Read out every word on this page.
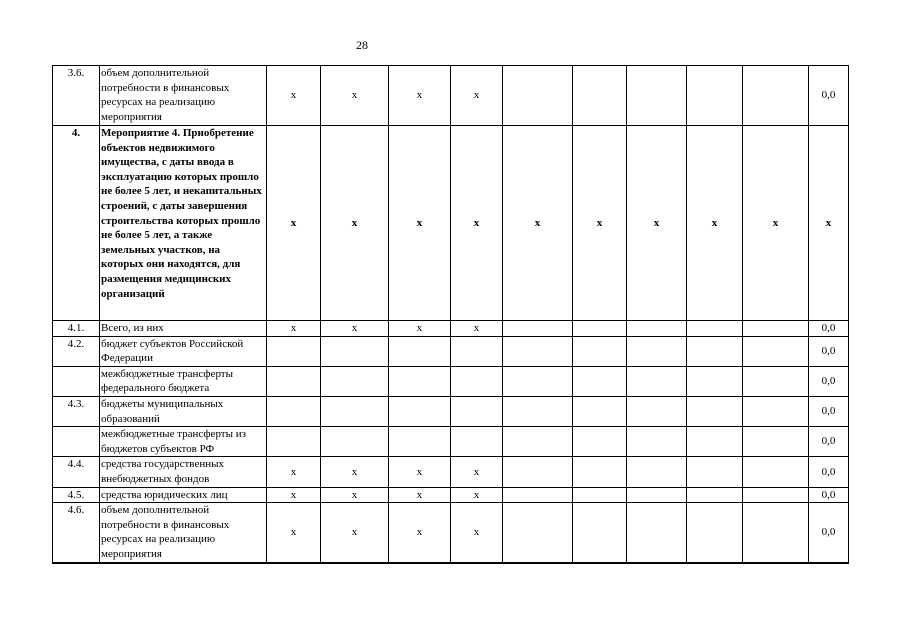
28
3.6.	объем дополнительной потребности в финансовых ресурсах на реализацию мероприятия	x	x	x	x						0,0
4.	Мероприятие 4. Приобретение объектов недвижимого имущества, с даты ввода в эксплуатацию которых прошло не более 5 лет, и некапитальных строений, с даты завершения строительства которых прошло не более 5 лет, а также земельных участков, на которых они находятся, для размещения медицинских организаций	x	x	x	x	x	x	x	x	x	x
4.1.	Всего, из них	x	x	x	x						0,0
4.2.	бюджет субъектов Российской Федерации										0,0
	межбюджетные трансферты федерального бюджета										0,0
4.3.	бюджеты муниципальных образований										0,0
	межбюджетные трансферты из бюджетов субъектов РФ										0,0
4.4.	средства государственных внебюджетных фондов	x	x	x	x						0,0
4.5.	средства юридических лиц	x	x	x	x						0,0
4.6.	объем дополнительной потребности в финансовых ресурсах на реализацию мероприятия	x	x	x	x						0,0
